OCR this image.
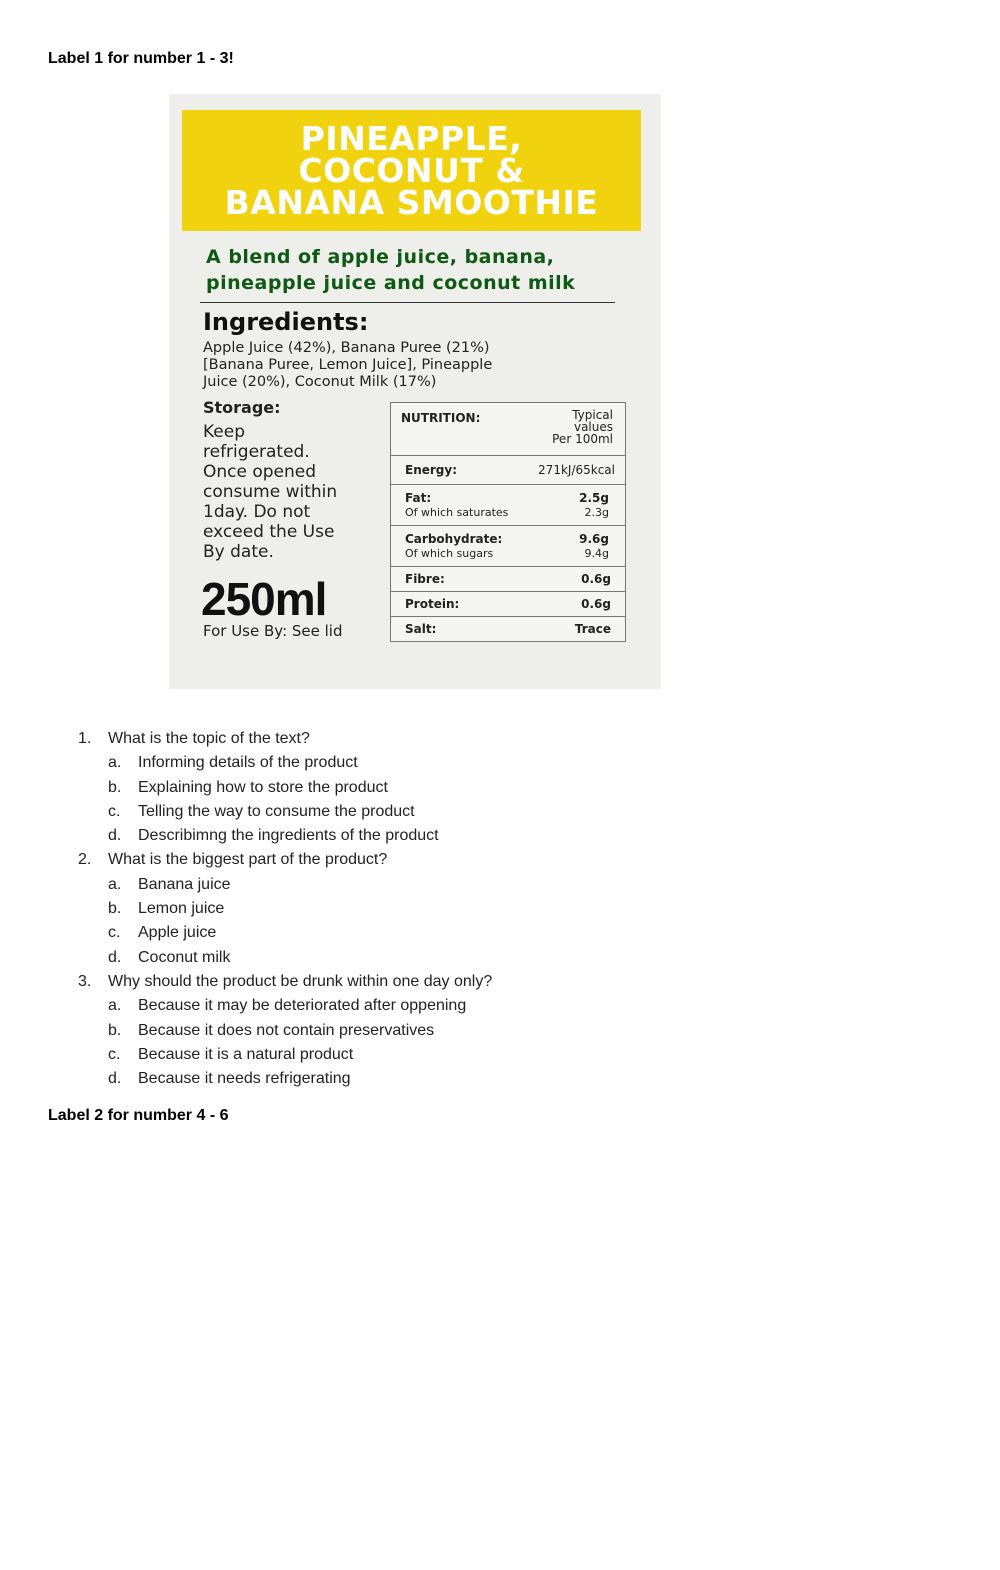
Label 1 for number 1 - 3!
PINEAPPLE,
COCONUT &
BANANA SMOOTHIE
A blend of apple juice, banana,
pineapple juice and coconut milk
Ingredients:
Apple Juice (42%), Banana Puree (21%)
[Banana Puree, Lemon Juice], Pineapple
Juice (20%), Coconut Milk (17%)
Storage:
Keep
refrigerated.
Once opened
consume within
1day. Do not
exceed the Use
By date.
250ml
For Use By: See lid
NUTRITION:	Typical
values
Per 100ml
Energy:	271kJ/65kcal
Fat:	2.5g
Of which saturates	2.3g
Carbohydrate:	9.6g
Of which sugars	9.4g
Fibre:	0.6g
Protein:	0.6g
Salt:	Trace
1. What is the topic of the text?
a. Informing details of the product
b. Explaining how to store the product
c. Telling the way to consume the product
d. Describimng the ingredients of the product
2. What is the biggest part of the product?
a. Banana juice
b. Lemon juice
c. Apple juice
d. Coconut milk
3. Why should the product be drunk within one day only?
a. Because it may be deteriorated after oppening
b. Because it does not contain preservatives
c. Because it is a natural product
d. Because it needs refrigerating
Label 2 for number 4 - 6
